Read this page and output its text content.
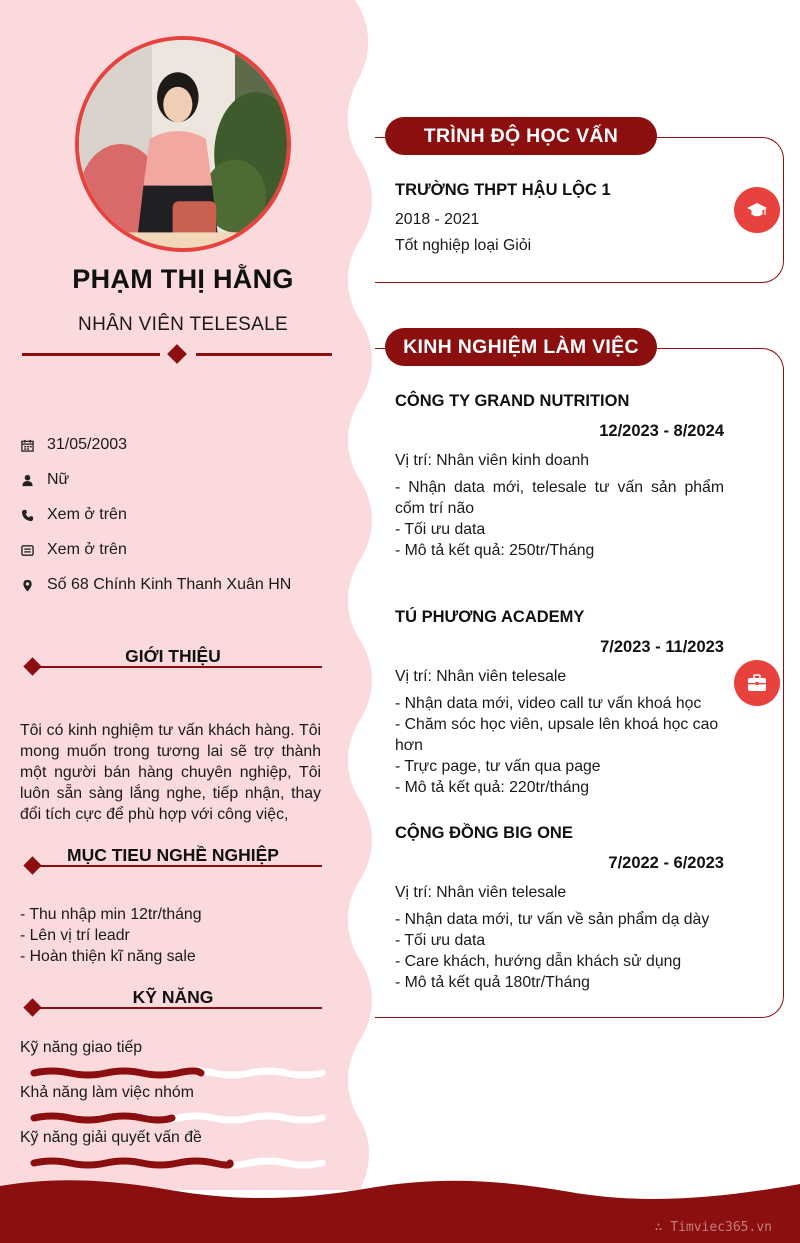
PHẠM THỊ HẰNG
NHÂN VIÊN TELESALE
31/05/2003
Nữ
Xem ở trên
Xem ở trên
Số 68 Chính Kinh Thanh Xuân HN
GIỚI THIỆU
Tôi có kinh nghiệm tư vấn khách hàng. Tôi mong muốn trong tương lai sẽ trợ thành một người bán hàng chuyên nghiệp, Tôi luôn sẵn sàng lắng nghe, tiếp nhận, thay đổi tích cực để phù hợp với công việc,
MỤC TIEU NGHỀ NGHIỆP
- Thu nhập min 12tr/tháng
- Lên vị trí leadr
- Hoàn thiện kĩ năng sale
KỸ NĂNG
Kỹ năng giao tiếp
Khả năng làm việc nhóm
Kỹ năng giải quyết vấn đề
TRÌNH ĐỘ HỌC VẤN
TRƯỜNG THPT HẬU LỘC 1
2018 - 2021
Tốt nghiệp loại Giỏi
KINH NGHIỆM LÀM VIỆC
CÔNG TY GRAND NUTRITION
12/2023 - 8/2024
Vị trí: Nhân viên kinh doanh
- Nhận data mới, telesale tư vấn sản phẩm cốm trí não
- Tối ưu data
- Mô tả kết quả: 250tr/Tháng
TÚ PHƯƠNG ACADEMY
7/2023 - 11/2023
Vị trí: Nhân viên telesale
- Nhận data mới, video call tư vấn khoá học
- Chăm sóc học viên, upsale lên khoá học cao hơn
- Trực page, tư vấn qua page
- Mô tả kết quả: 220tr/tháng
CỘNG ĐỒNG BIG ONE
7/2022 - 6/2023
Vị trí: Nhân viên telesale
- Nhận data mới, tư vấn về sản phẩm dạ dày
- Tối ưu data
- Care khách, hướng dẫn khách sử dụng
- Mô tả kết quả 180tr/Tháng
∴ Timviec365.vn
